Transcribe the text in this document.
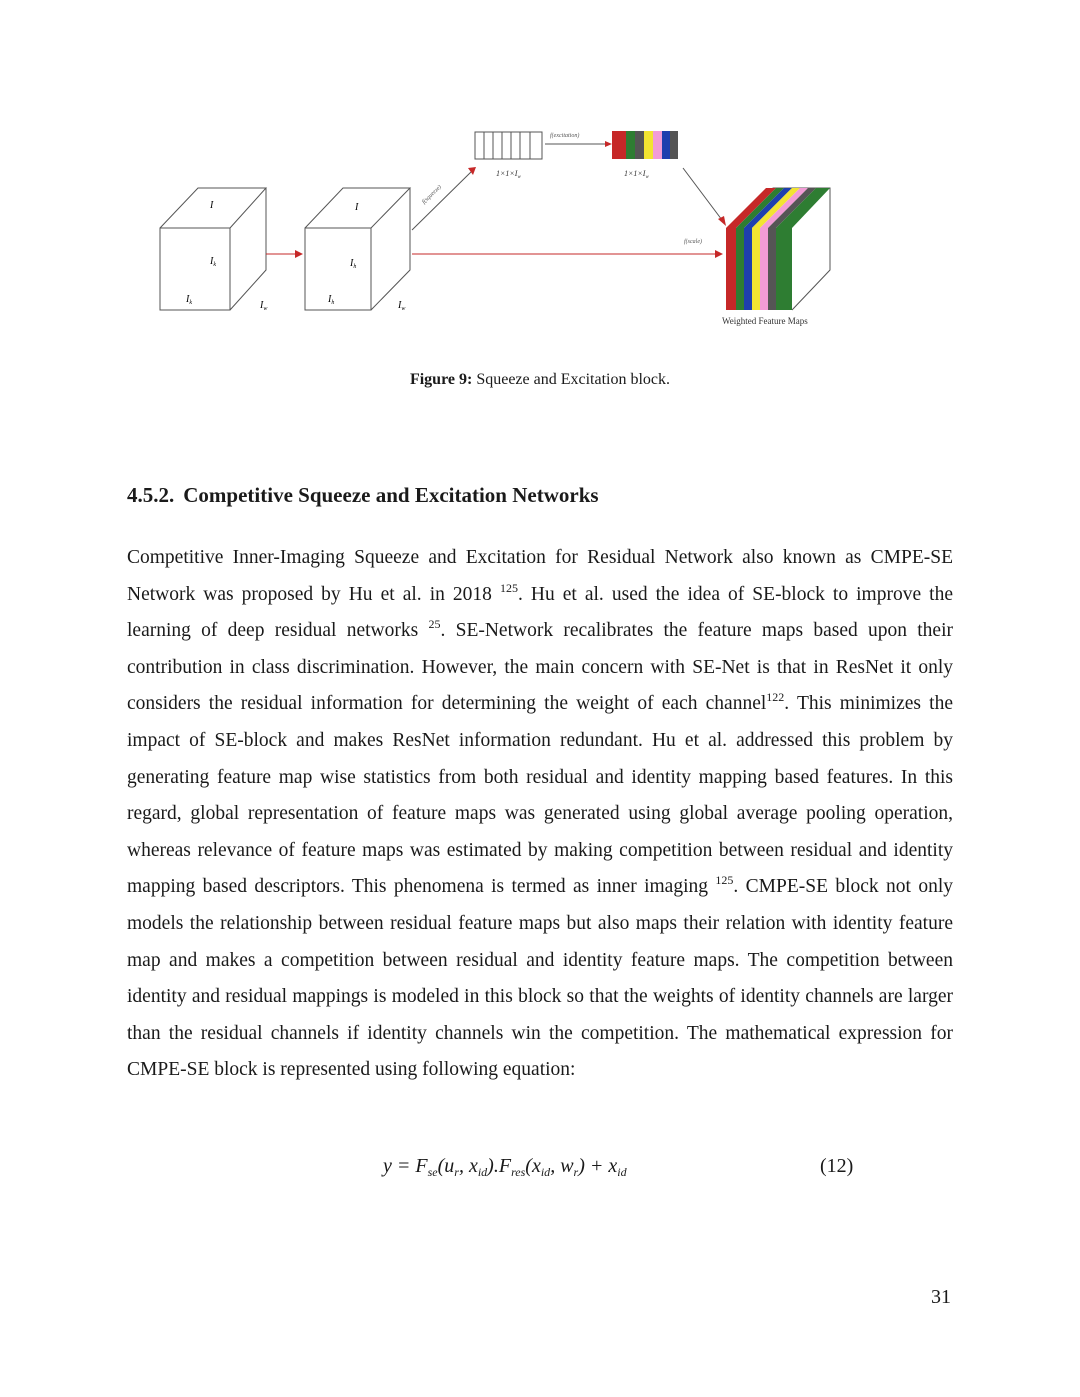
I
$I_k$
$I_k$	$I_w$
I
$I_h$
$I_h$	$I_w$
f(squeeze)
$1\times 1\times I_w$
f(excitation)
$1\times 1\times I_w$
f(scale)
Weighted Feature Maps
Figure 9: Squeeze and Excitation block.
4.5.2. Competitive Squeeze and Excitation Networks
Competitive Inner-Imaging Squeeze and Excitation for Residual Network also known as CMPE-SE Network was proposed by Hu et al. in 2018 $^{125}$. Hu et al. used the idea of SE-block to improve the learning of deep residual networks $^{25}$. SE-Network recalibrates the feature maps based upon their contribution in class discrimination. However, the main concern with SE-Net is that in ResNet it only considers the residual information for determining the weight of each channel$^{122}$. This minimizes the impact of SE-block and makes ResNet information redundant. Hu et al. addressed this problem by generating feature map wise statistics from both residual and identity mapping based features. In this regard, global representation of feature maps was generated using global average pooling operation, whereas relevance of feature maps was estimated by making competition between residual and identity mapping based descriptors. This phenomena is termed as inner imaging $^{125}$. CMPE-SE block not only models the relationship between residual feature maps but also maps their relation with identity feature map and makes a competition between residual and identity feature maps. The competition between identity and residual mappings is modeled in this block so that the weights of identity channels are larger than the residual channels if identity channels win the competition. The mathematical expression for CMPE-SE block is represented using following equation:
$y = F_{se}(u_r$, $x_{id}).F_{res}(x_{id}$, $w_r) + x_{id}$	(12)
31
